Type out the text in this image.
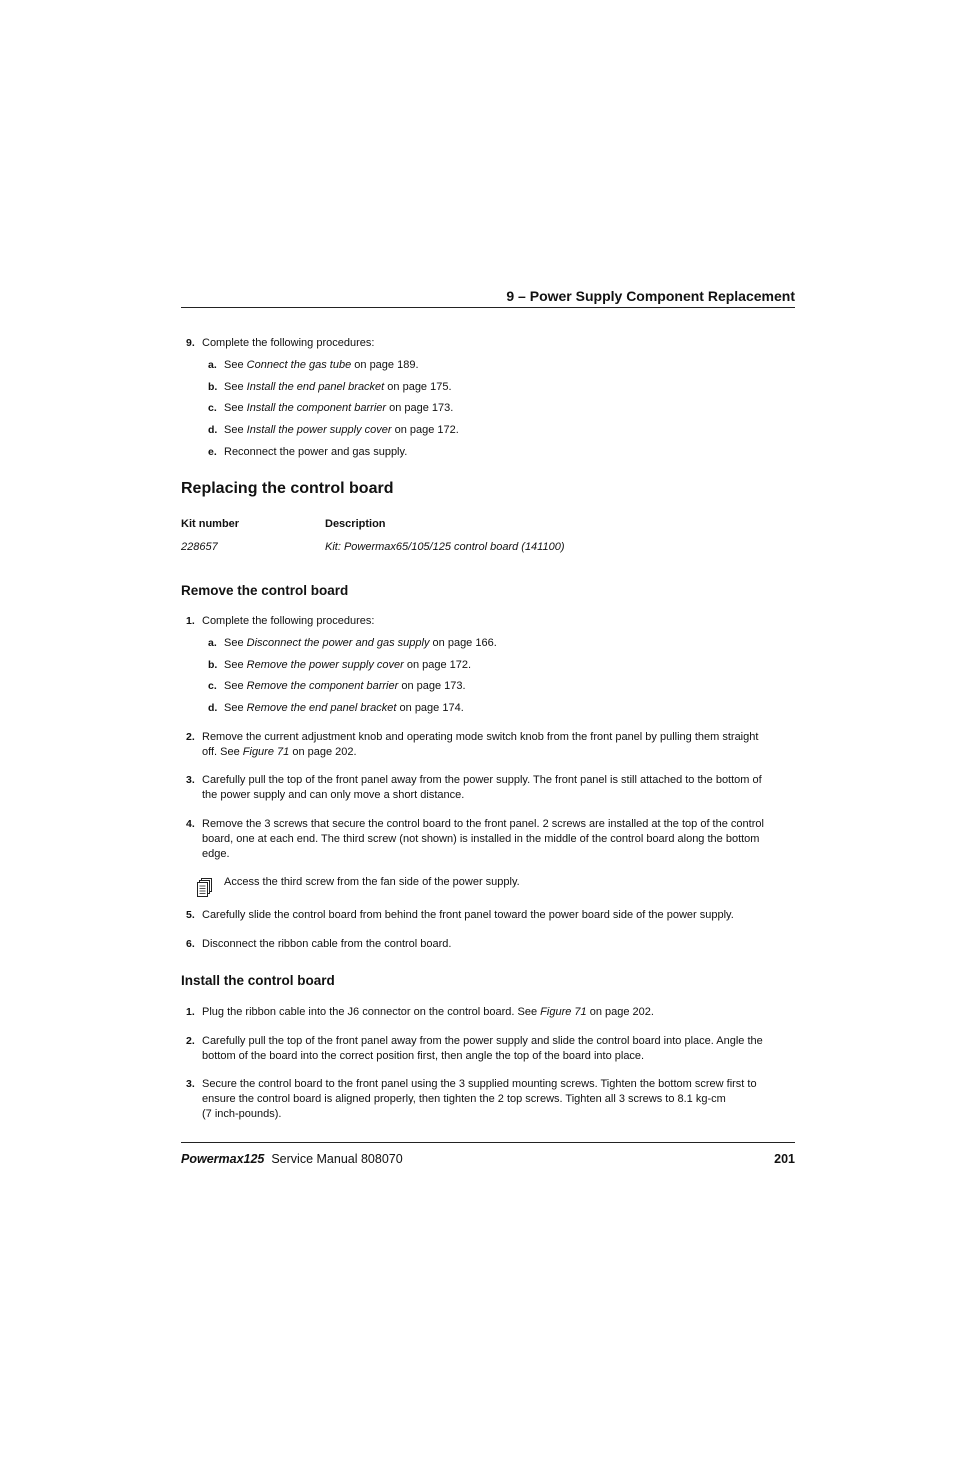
9 – Power Supply Component Replacement
9. Complete the following procedures:
a. See Connect the gas tube on page 189.
b. See Install the end panel bracket on page 175.
c. See Install the component barrier on page 173.
d. See Install the power supply cover on page 172.
e. Reconnect the power and gas supply.
Replacing the control board
Kit number	Description
228657	Kit: Powermax65/105/125 control board (141100)
Remove the control board
1. Complete the following procedures:
a. See Disconnect the power and gas supply on page 166.
b. See Remove the power supply cover on page 172.
c. See Remove the component barrier on page 173.
d. See Remove the end panel bracket on page 174.
2. Remove the current adjustment knob and operating mode switch knob from the front panel by pulling them straight
off. See Figure 71 on page 202.
3. Carefully pull the top of the front panel away from the power supply. The front panel is still attached to the bottom of
the power supply and can only move a short distance.
4. Remove the 3 screws that secure the control board to the front panel. 2 screws are installed at the top of the control
board, one at each end. The third screw (not shown) is installed in the middle of the control board along the bottom
edge.
Access the third screw from the fan side of the power supply.
5. Carefully slide the control board from behind the front panel toward the power board side of the power supply.
6. Disconnect the ribbon cable from the control board.
Install the control board
1. Plug the ribbon cable into the J6 connector on the control board. See Figure 71 on page 202.
2. Carefully pull the top of the front panel away from the power supply and slide the control board into place. Angle the
bottom of the board into the correct position first, then angle the top of the board into place.
3. Secure the control board to the front panel using the 3 supplied mounting screws. Tighten the bottom screw first to
ensure the control board is aligned properly, then tighten the 2 top screws. Tighten all 3 screws to 8.1 kg-cm
(7 inch-pounds).
Powermax125 Service Manual 808070	201
